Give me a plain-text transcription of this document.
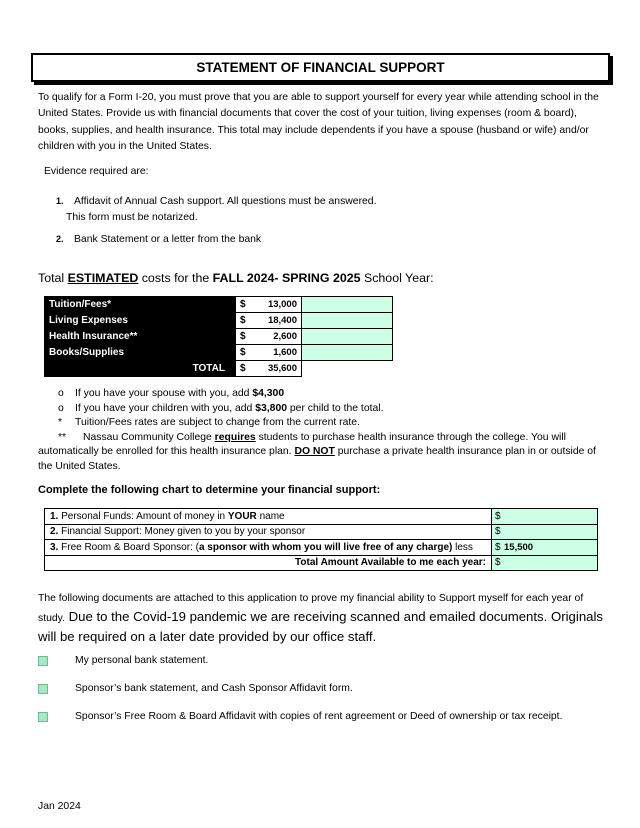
STATEMENT OF FINANCIAL SUPPORT
To qualify for a Form I-20, you must prove that you are able to support yourself for every year while attending school in the United States. Provide us with financial documents that cover the cost of your tuition, living expenses (room & board), books, supplies, and health insurance. This total may include dependents if you have a spouse (husband or wife) and/or children with you in the United States.
Evidence required are:
1. Affidavit of Annual Cash support. All questions must be answered.
This form must be notarized.
2. Bank Statement or a letter from the bank
Total ESTIMATED costs for the FALL 2024- SPRING 2025 School Year:
Tuition/Fees*	$	13,000	
Living Expenses	$	18,400	
Health Insurance**	$	2,600	
Books/Supplies	$	1,600	
TOTAL	$	35,600	
o	If you have your spouse with you, add $4,300
o	If you have your children with you, add $3,800 per child to the total.
*	Tuition/Fees rates are subject to change from the current rate.
** Nassau Community College requires students to purchase health insurance through the college. You will automatically be enrolled for this health insurance plan. DO NOT purchase a private health insurance plan in or outside of the United States.
Complete the following chart to determine your financial support:
1. Personal Funds: Amount of money in YOUR name	$
2. Financial Support: Money given to you by your sponsor	$
3. Free Room & Board Sponsor: (a sponsor with whom you will live free of any charge) less	$ 15,500
Total Amount Available to me each year:	$
The following documents are attached to this application to prove my financial ability to Support myself for each year of study. Due to the Covid-19 pandemic we are receiving scanned and emailed documents. Originals will be required on a later date provided by our office staff.
My personal bank statement.
Sponsor’s bank statement, and Cash Sponsor Affidavit form.
Sponsor’s Free Room & Board Affidavit with copies of rent agreement or Deed of ownership or tax receipt.
Jan 2024
